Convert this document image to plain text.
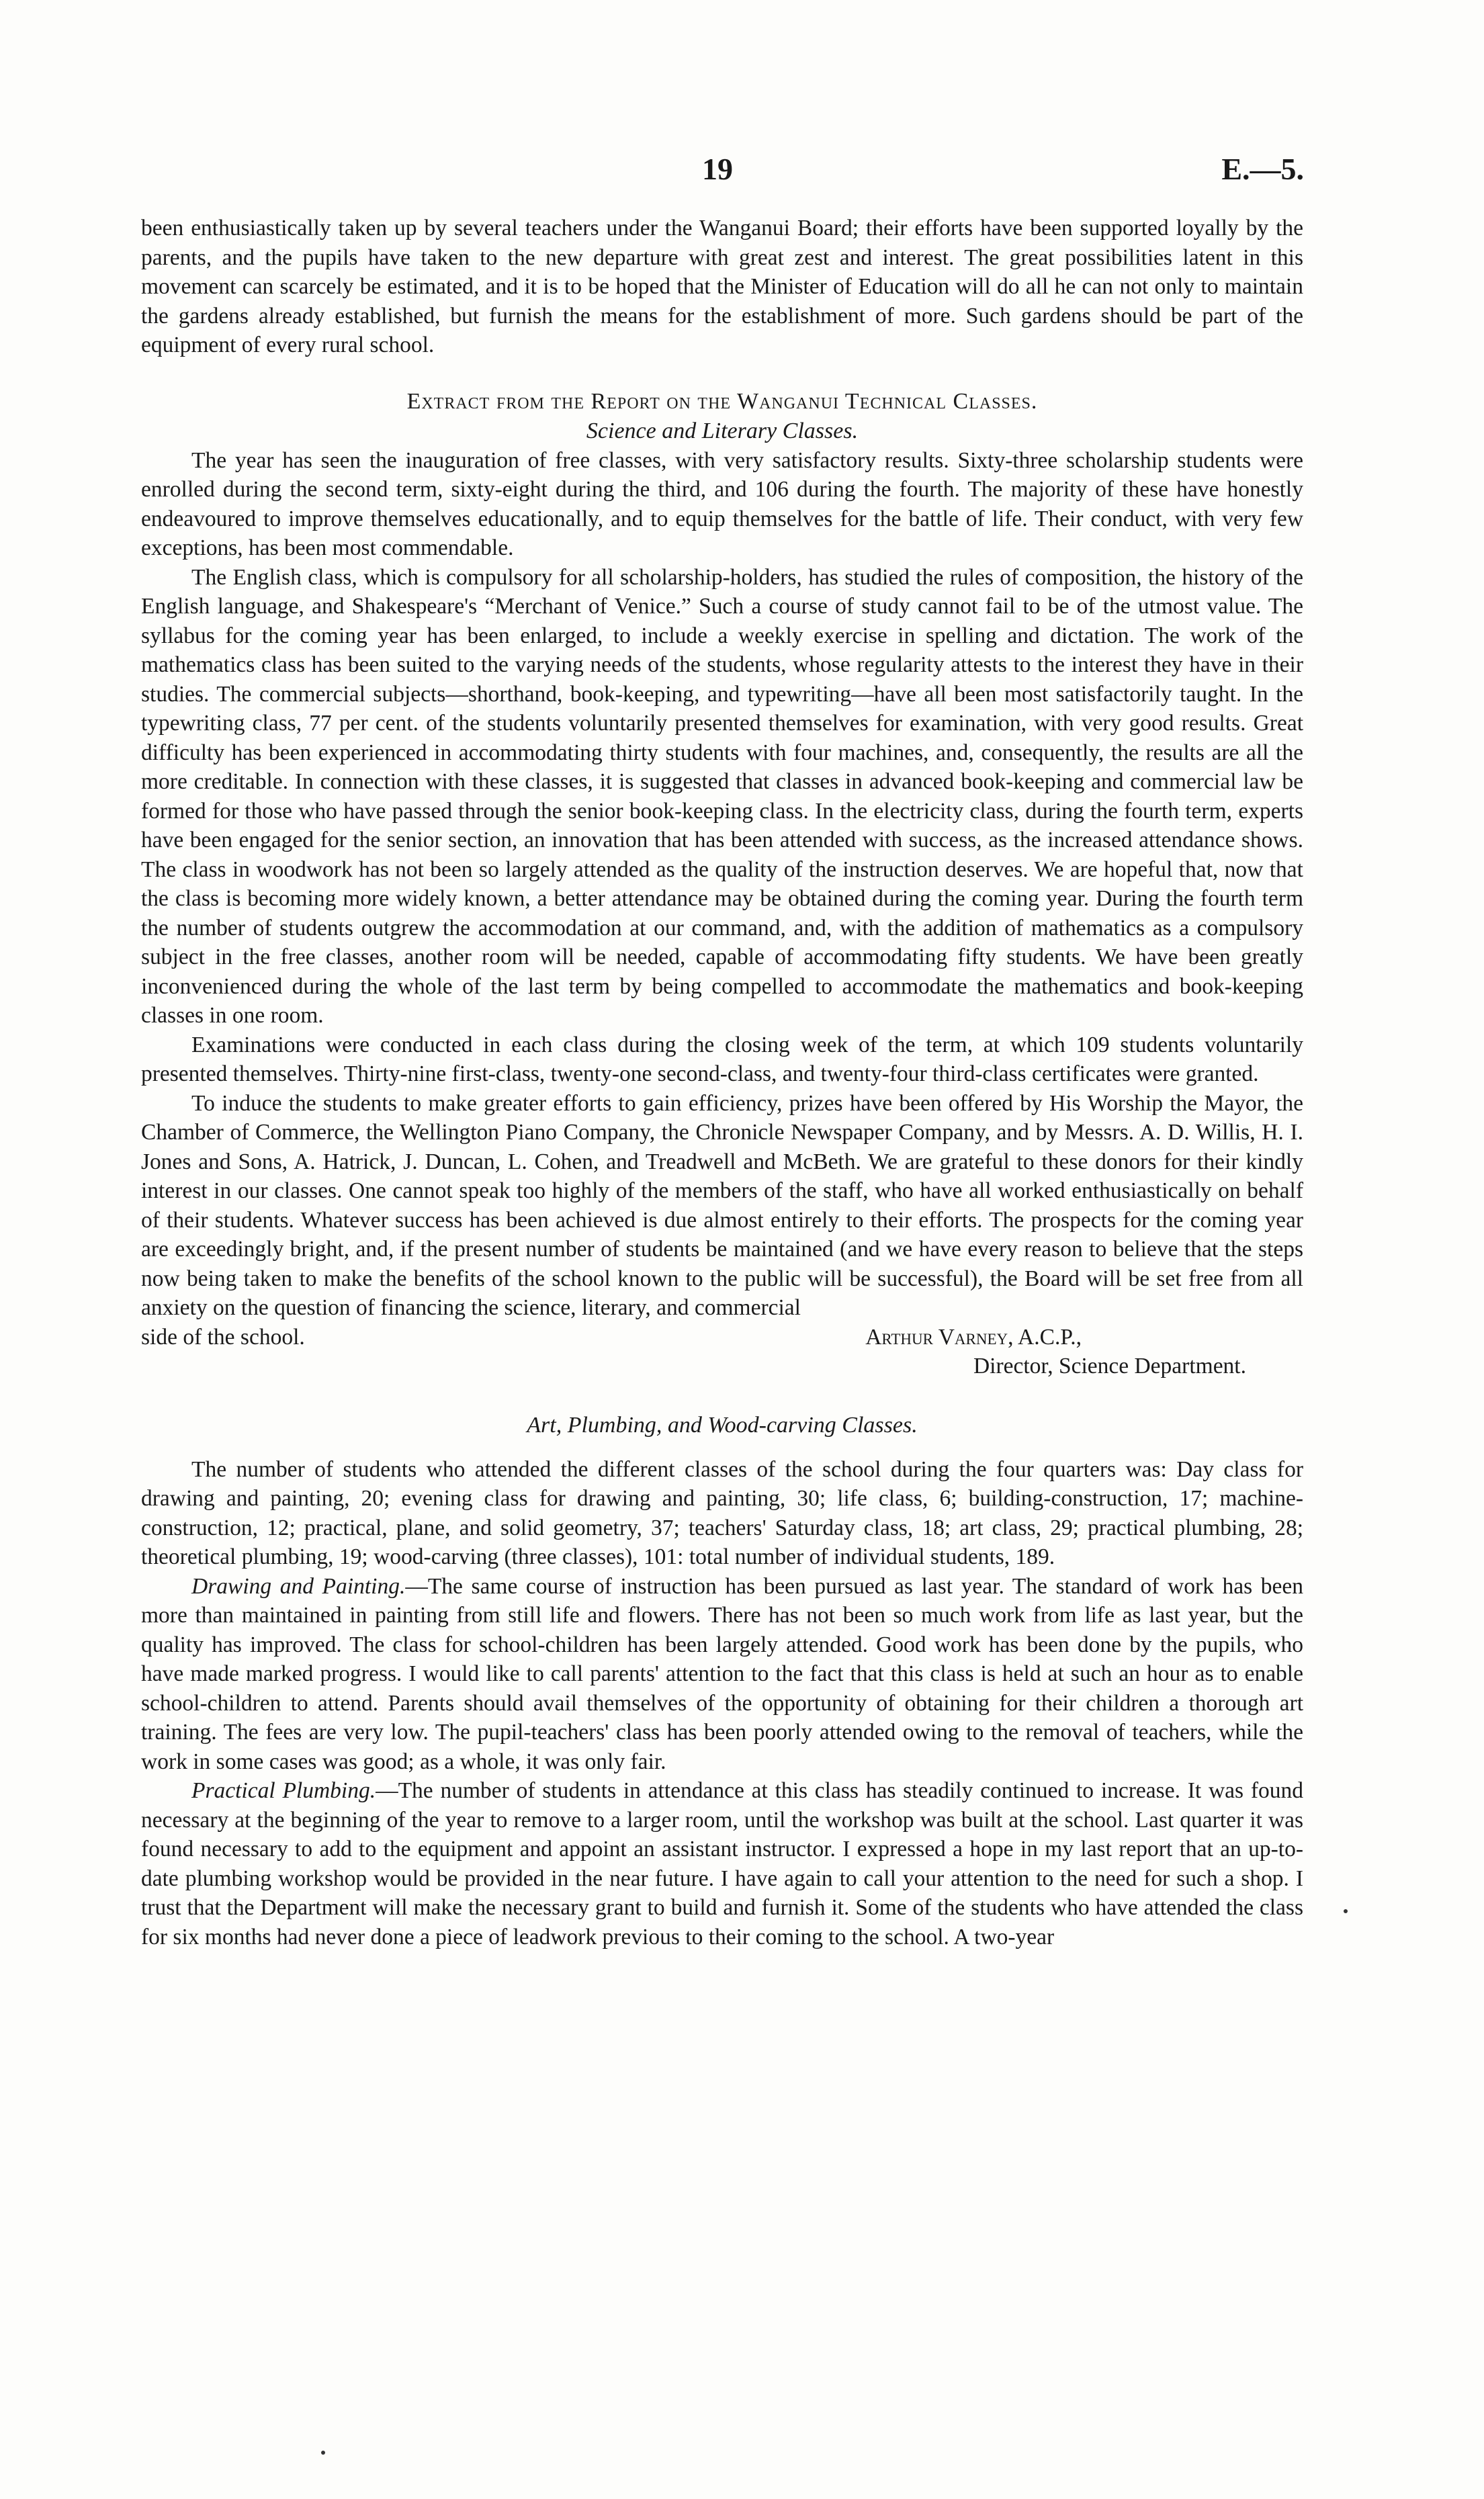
19	E.—5.

been enthusiastically taken up by several teachers under the Wanganui Board; their efforts have been supported loyally by the parents, and the pupils have taken to the new departure with great zest and interest. The great possibilities latent in this movement can scarcely be estimated, and it is to be hoped that the Minister of Education will do all he can not only to maintain the gardens already established, but furnish the means for the establishment of more. Such gardens should be part of the equipment of every rural school.

Extract from the Report on the Wanganui Technical Classes.
Science and Literary Classes.

The year has seen the inauguration of free classes, with very satisfactory results. Sixty-three scholarship students were enrolled during the second term, sixty-eight during the third, and 106 during the fourth. The majority of these have honestly endeavoured to improve themselves educationally, and to equip themselves for the battle of life. Their conduct, with very few exceptions, has been most commendable.

The English class, which is compulsory for all scholarship-holders, has studied the rules of composition, the history of the English language, and Shakespeare's “Merchant of Venice.” Such a course of study cannot fail to be of the utmost value. The syllabus for the coming year has been enlarged, to include a weekly exercise in spelling and dictation. The work of the mathematics class has been suited to the varying needs of the students, whose regularity attests to the interest they have in their studies. The commercial subjects—shorthand, book-keeping, and typewriting—have all been most satisfactorily taught. In the typewriting class, 77 per cent. of the students voluntarily presented themselves for examination, with very good results. Great difficulty has been experienced in accommodating thirty students with four machines, and, consequently, the results are all the more creditable. In connection with these classes, it is suggested that classes in advanced book-keeping and commercial law be formed for those who have passed through the senior book-keeping class. In the electricity class, during the fourth term, experts have been engaged for the senior section, an innovation that has been attended with success, as the increased attendance shows. The class in woodwork has not been so largely attended as the quality of the instruction deserves. We are hopeful that, now that the class is becoming more widely known, a better attendance may be obtained during the coming year. During the fourth term the number of students outgrew the accommodation at our command, and, with the addition of mathematics as a compulsory subject in the free classes, another room will be needed, capable of accommodating fifty students. We have been greatly inconvenienced during the whole of the last term by being compelled to accommodate the mathematics and book-keeping classes in one room.

Examinations were conducted in each class during the closing week of the term, at which 109 students voluntarily presented themselves. Thirty-nine first-class, twenty-one second-class, and twenty-four third-class certificates were granted.

To induce the students to make greater efforts to gain efficiency, prizes have been offered by His Worship the Mayor, the Chamber of Commerce, the Wellington Piano Company, the Chronicle Newspaper Company, and by Messrs. A. D. Willis, H. I. Jones and Sons, A. Hatrick, J. Duncan, L. Cohen, and Treadwell and McBeth. We are grateful to these donors for their kindly interest in our classes. One cannot speak too highly of the members of the staff, who have all worked enthusiastically on behalf of their students. Whatever success has been achieved is due almost entirely to their efforts. The prospects for the coming year are exceedingly bright, and, if the present number of students be maintained (and we have every reason to believe that the steps now being taken to make the benefits of the school known to the public will be successful), the Board will be set free from all anxiety on the question of financing the science, literary, and commercial

side of the school.	Arthur Varney, A.C.P.,

Director, Science Department.

Art, Plumbing, and Wood-carving Classes.

The number of students who attended the different classes of the school during the four quarters was: Day class for drawing and painting, 20; evening class for drawing and painting, 30; life class, 6; building-construction, 17; machine-construction, 12; practical, plane, and solid geometry, 37; teachers' Saturday class, 18; art class, 29; practical plumbing, 28; theoretical plumbing, 19; wood-carving (three classes), 101: total number of individual students, 189.

Drawing and Painting.—The same course of instruction has been pursued as last year. The standard of work has been more than maintained in painting from still life and flowers. There has not been so much work from life as last year, but the quality has improved. The class for school-children has been largely attended. Good work has been done by the pupils, who have made marked progress. I would like to call parents' attention to the fact that this class is held at such an hour as to enable school-children to attend. Parents should avail themselves of the opportunity of obtaining for their children a thorough art training. The fees are very low. The pupil-teachers' class has been poorly attended owing to the removal of teachers, while the work in some cases was good; as a whole, it was only fair.

Practical Plumbing.—The number of students in attendance at this class has steadily continued to increase. It was found necessary at the beginning of the year to remove to a larger room, until the workshop was built at the school. Last quarter it was found necessary to add to the equipment and appoint an assistant instructor. I expressed a hope in my last report that an up-to-date plumbing workshop would be provided in the near future. I have again to call your attention to the need for such a shop. I trust that the Department will make the necessary grant to build and furnish it. Some of the students who have attended the class for six months had never done a piece of leadwork previous to their coming to the school. A two-year
